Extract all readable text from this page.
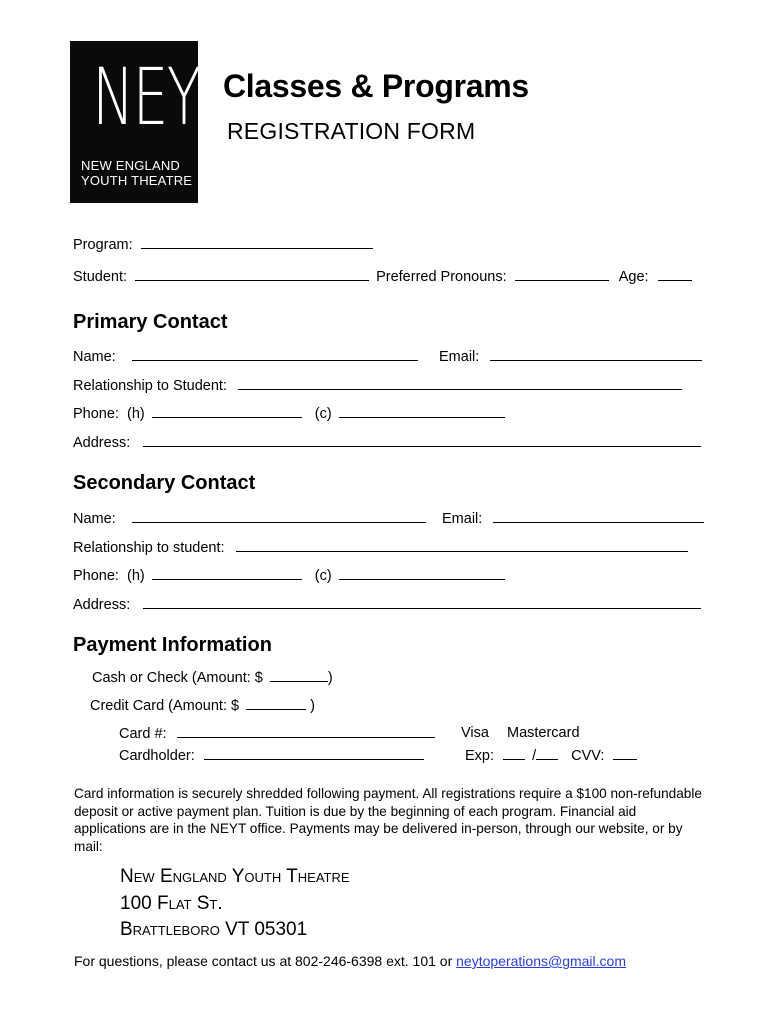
NEYT
NEW ENGLAND
YOUTH THEATRE
Classes & Programs
REGISTRATION FORM
Program:
Student:	Preferred Pronouns:	Age:
Primary Contact
Name:	Email:
Relationship to Student:
Phone: (h)	(c)
Address:
Secondary Contact
Name:	Email:
Relationship to student:
Phone: (h)	(c)
Address:
Payment Information
Cash or Check (Amount: $	)
Credit Card (Amount: $	)
Card #:	Visa Mastercard
Cardholder:	Exp:	/ CVV:
Card information is securely shredded following payment. All registrations require a $100 non-refundable deposit or active payment plan. Tuition is due by the beginning of each program. Financial aid applications are in the NEYT office. Payments may be delivered in-person, through our website, or by mail:
New England Youth Theatre
100 Flat St.
Brattleboro VT 05301
For questions, please contact us at 802-246-6398 ext. 101 or neytoperations@gmail.com
